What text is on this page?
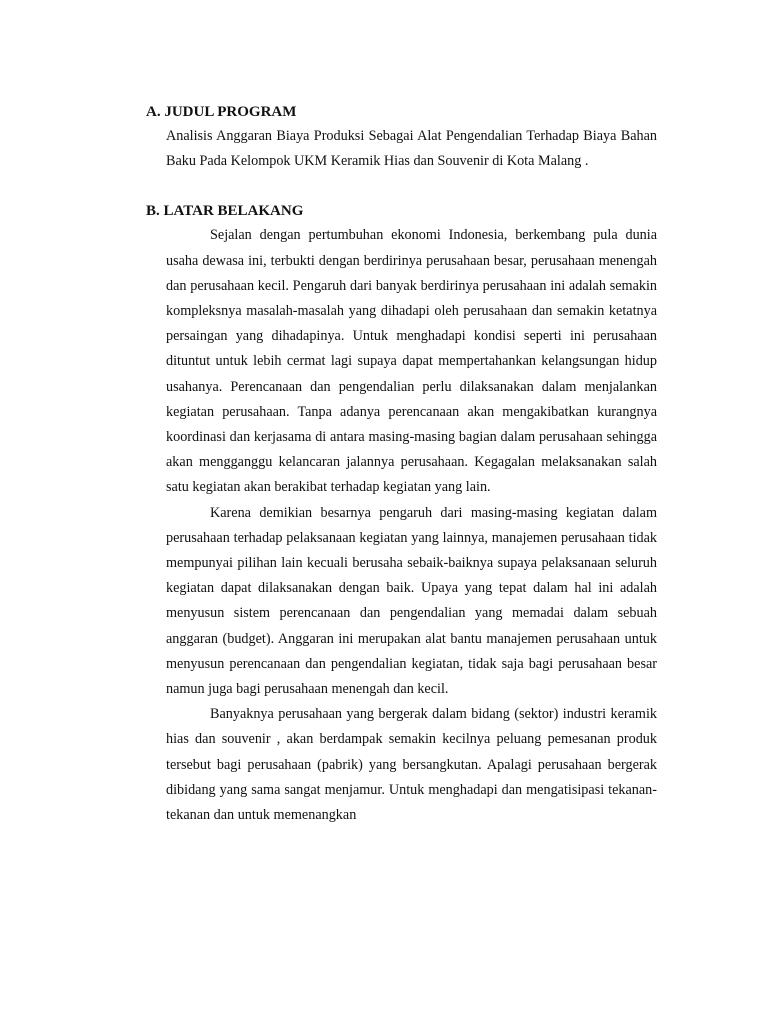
A. JUDUL PROGRAM

Analisis Anggaran Biaya Produksi Sebagai Alat Pengendalian Terhadap Biaya Bahan Baku Pada Kelompok UKM Keramik Hias dan Souvenir di Kota Malang .

B. LATAR BELAKANG

Sejalan dengan pertumbuhan ekonomi Indonesia, berkembang pula dunia usaha dewasa ini, terbukti dengan berdirinya perusahaan besar, perusahaan menengah dan perusahaan kecil. Pengaruh dari banyak berdirinya perusahaan ini adalah semakin kompleksnya masalah-masalah yang dihadapi oleh perusahaan dan semakin ketatnya persaingan yang dihadapinya. Untuk menghadapi kondisi seperti ini perusahaan dituntut untuk lebih cermat lagi supaya dapat mempertahankan kelangsungan hidup usahanya. Perencanaan dan pengendalian perlu dilaksanakan dalam menjalankan kegiatan perusahaan. Tanpa adanya perencanaan akan mengakibatkan kurangnya koordinasi dan kerjasama di antara masing-masing bagian dalam perusahaan sehingga akan mengganggu kelancaran jalannya perusahaan. Kegagalan melaksanakan salah satu kegiatan akan berakibat terhadap kegiatan yang lain.

Karena demikian besarnya pengaruh dari masing-masing kegiatan dalam perusahaan terhadap pelaksanaan kegiatan yang lainnya, manajemen perusahaan tidak mempunyai pilihan lain kecuali berusaha sebaik-baiknya supaya pelaksanaan seluruh kegiatan dapat dilaksanakan dengan baik. Upaya yang tepat dalam hal ini adalah menyusun sistem perencanaan dan pengendalian yang memadai dalam sebuah anggaran (budget). Anggaran ini merupakan alat bantu manajemen perusahaan untuk menyusun perencanaan dan pengendalian kegiatan, tidak saja bagi perusahaan besar namun juga bagi perusahaan menengah dan kecil.

Banyaknya perusahaan yang bergerak dalam bidang (sektor) industri keramik hias dan souvenir , akan berdampak semakin kecilnya peluang pemesanan produk tersebut bagi perusahaan (pabrik) yang bersangkutan. Apalagi perusahaan bergerak dibidang yang sama sangat menjamur. Untuk menghadapi dan mengatisipasi tekanan-tekanan dan untuk memenangkan
